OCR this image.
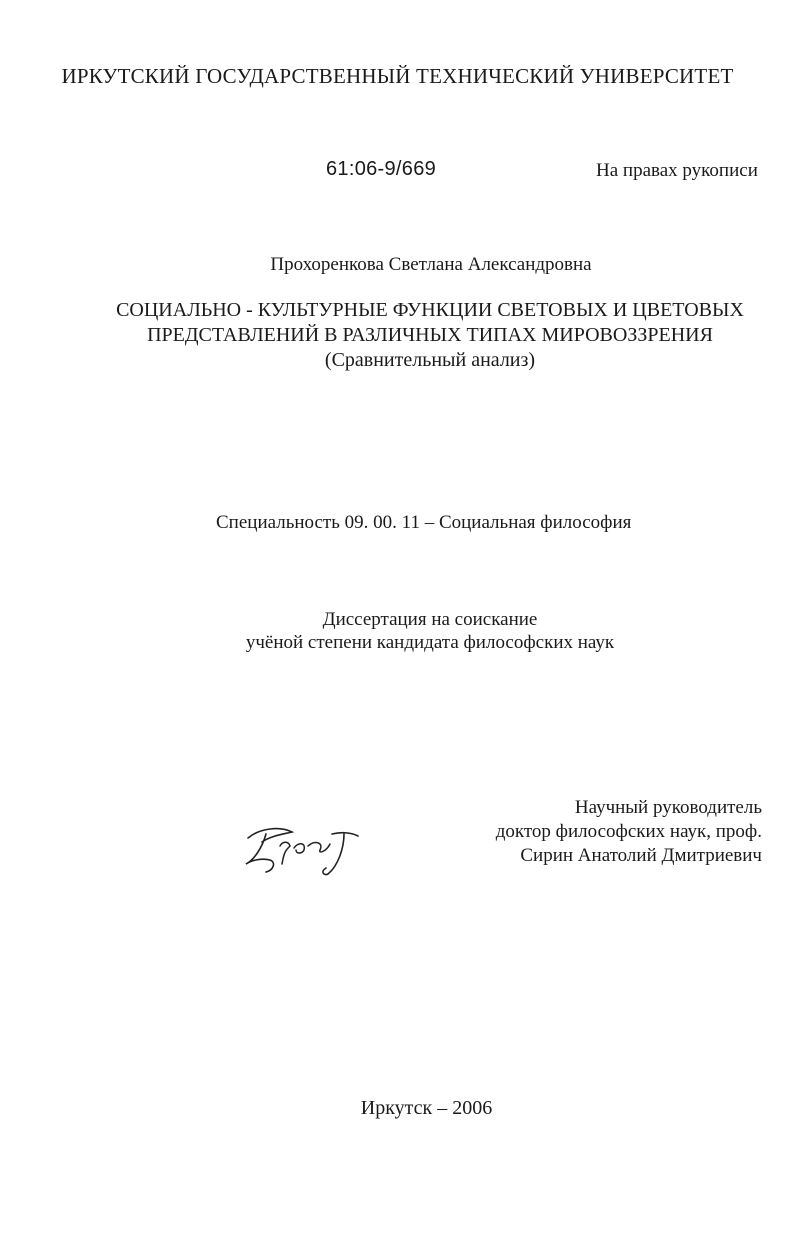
ИРКУТСКИЙ ГОСУДАРСТВЕННЫЙ ТЕХНИЧЕСКИЙ УНИВЕРСИТЕТ
61:06-9/669	На правах рукописи
Прохоренкова Светлана Александровна
СОЦИАЛЬНО - КУЛЬТУРНЫЕ ФУНКЦИИ СВЕТОВЫХ И ЦВЕТОВЫХ
ПРЕДСТАВЛЕНИЙ В РАЗЛИЧНЫХ ТИПАХ МИРОВОЗЗРЕНИЯ
(Сравнительный анализ)
Специальность 09. 00. 11 – Социальная философия
Диссертация на соискание
учёной степени кандидата философских наук
Научный руководитель
доктор философских наук, проф.
Сирин Анатолий Дмитриевич
Иркутск – 2006
